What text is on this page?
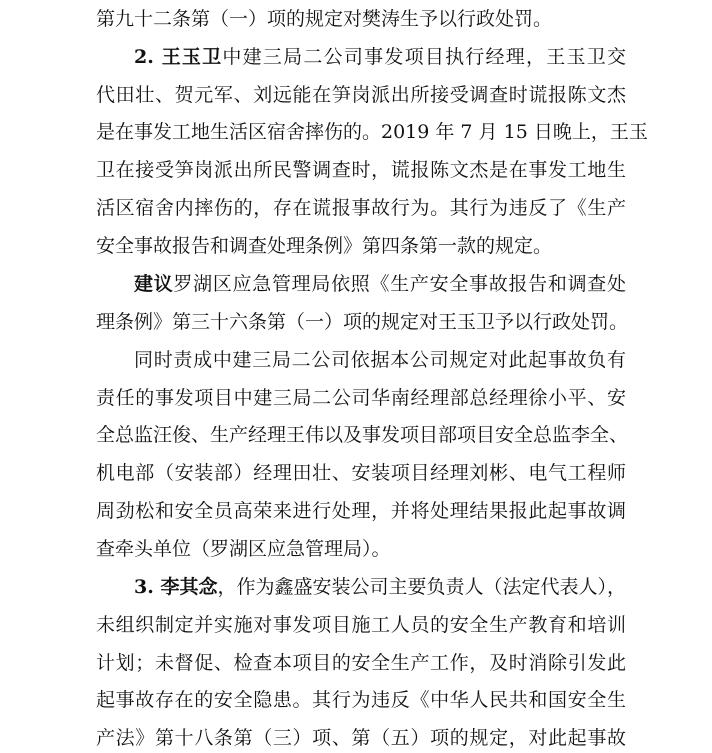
第九十二条第（一）项的规定对樊涛生予以行政处罚。
2. 王玉卫中建三局二公司事发项目执行经理，王玉卫交
代田壮、贺元军、刘远能在笋岗派出所接受调查时谎报陈文杰
是在事发工地生活区宿舍摔伤的。2019 年 7 月 15 日晚上，王玉
卫在接受笋岗派出所民警调查时，谎报陈文杰是在事发工地生
活区宿舍内摔伤的，存在谎报事故行为。其行为违反了《生产
安全事故报告和调查处理条例》第四条第一款的规定。
建议罗湖区应急管理局依照《生产安全事故报告和调查处
理条例》第三十六条第（一）项的规定对王玉卫予以行政处罚。
同时责成中建三局二公司依据本公司规定对此起事故负有
责任的事发项目中建三局二公司华南经理部总经理徐小平、安
全总监汪俊、生产经理王伟以及事发项目部项目安全总监李全、
机电部（安装部）经理田壮、安装项目经理刘彬、电气工程师
周劲松和安全员高荣来进行处理，并将处理结果报此起事故调
查牵头单位（罗湖区应急管理局）。
3. 李其念，作为鑫盛安装公司主要负责人（法定代表人），
未组织制定并实施对事发项目施工人员的安全生产教育和培训
计划；未督促、检查本项目的安全生产工作，及时消除引发此
起事故存在的安全隐患。其行为违反《中华人民共和国安全生
产法》第十八条第（三）项、第（五）项的规定，对此起事故
